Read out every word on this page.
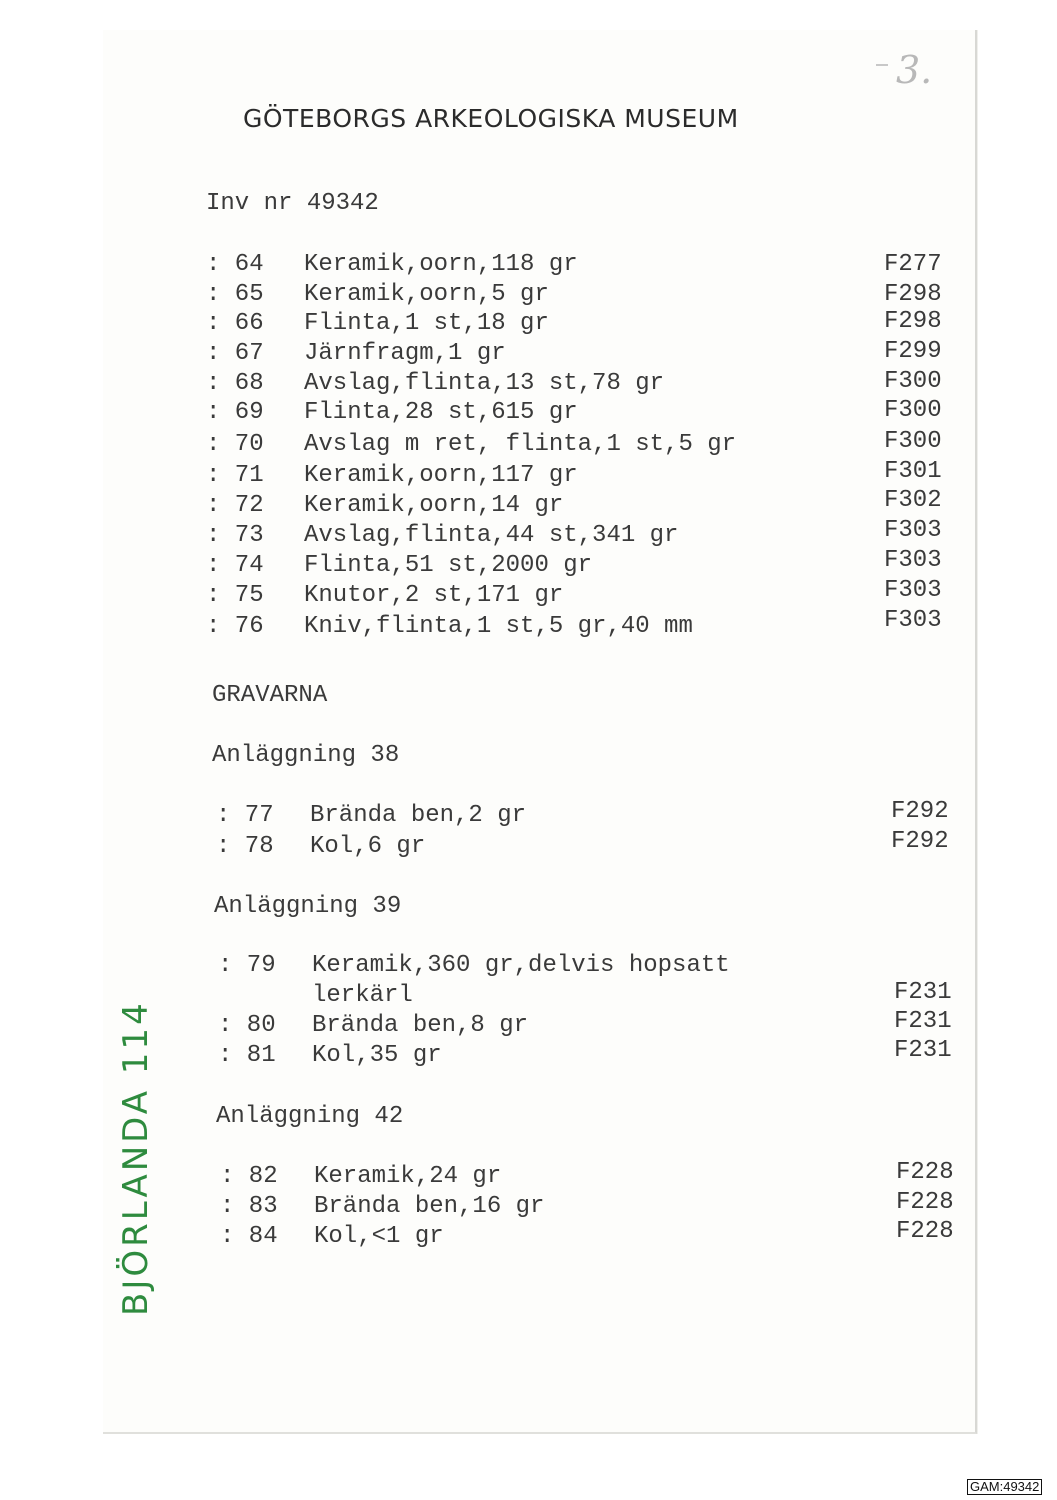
3.
GÖTEBORGS ARKEOLOGISKA MUSEUM
Inv nr 49342
: 64 Keramik,oorn,118 gr	F277
: 65 Keramik,oorn,5 gr	F298
: 66 Flinta,1 st,18 gr	F298
: 67 Järnfragm,1 gr	F299
: 68 Avslag,flinta,13 st,78 gr	F300
: 69 Flinta,28 st,615 gr	F300
: 70 Avslag m ret, flinta,1 st,5 gr	F300
: 71 Keramik,oorn,117 gr	F301
: 72 Keramik,oorn,14 gr	F302
: 73 Avslag,flinta,44 st,341 gr	F303
: 74 Flinta,51 st,2000 gr	F303
: 75 Knutor,2 st,171 gr	F303
: 76 Kniv,flinta,1 st,5 gr,40 mm	F303
GRAVARNA
Anläggning 38
: 77 Brända ben,2 gr	F292
: 78 Kol,6 gr	F292
Anläggning 39
: 79 Keramik,360 gr,delvis hopsatt
lerkärl	F231
: 80 Brända ben,8 gr	F231
: 81 Kol,35 gr	F231
Anläggning 42
: 82 Keramik,24 gr	F228
: 83 Brända ben,16 gr	F228
: 84 Kol,<1 gr	F228
BJÖRLANDA 114
GAM:49342
